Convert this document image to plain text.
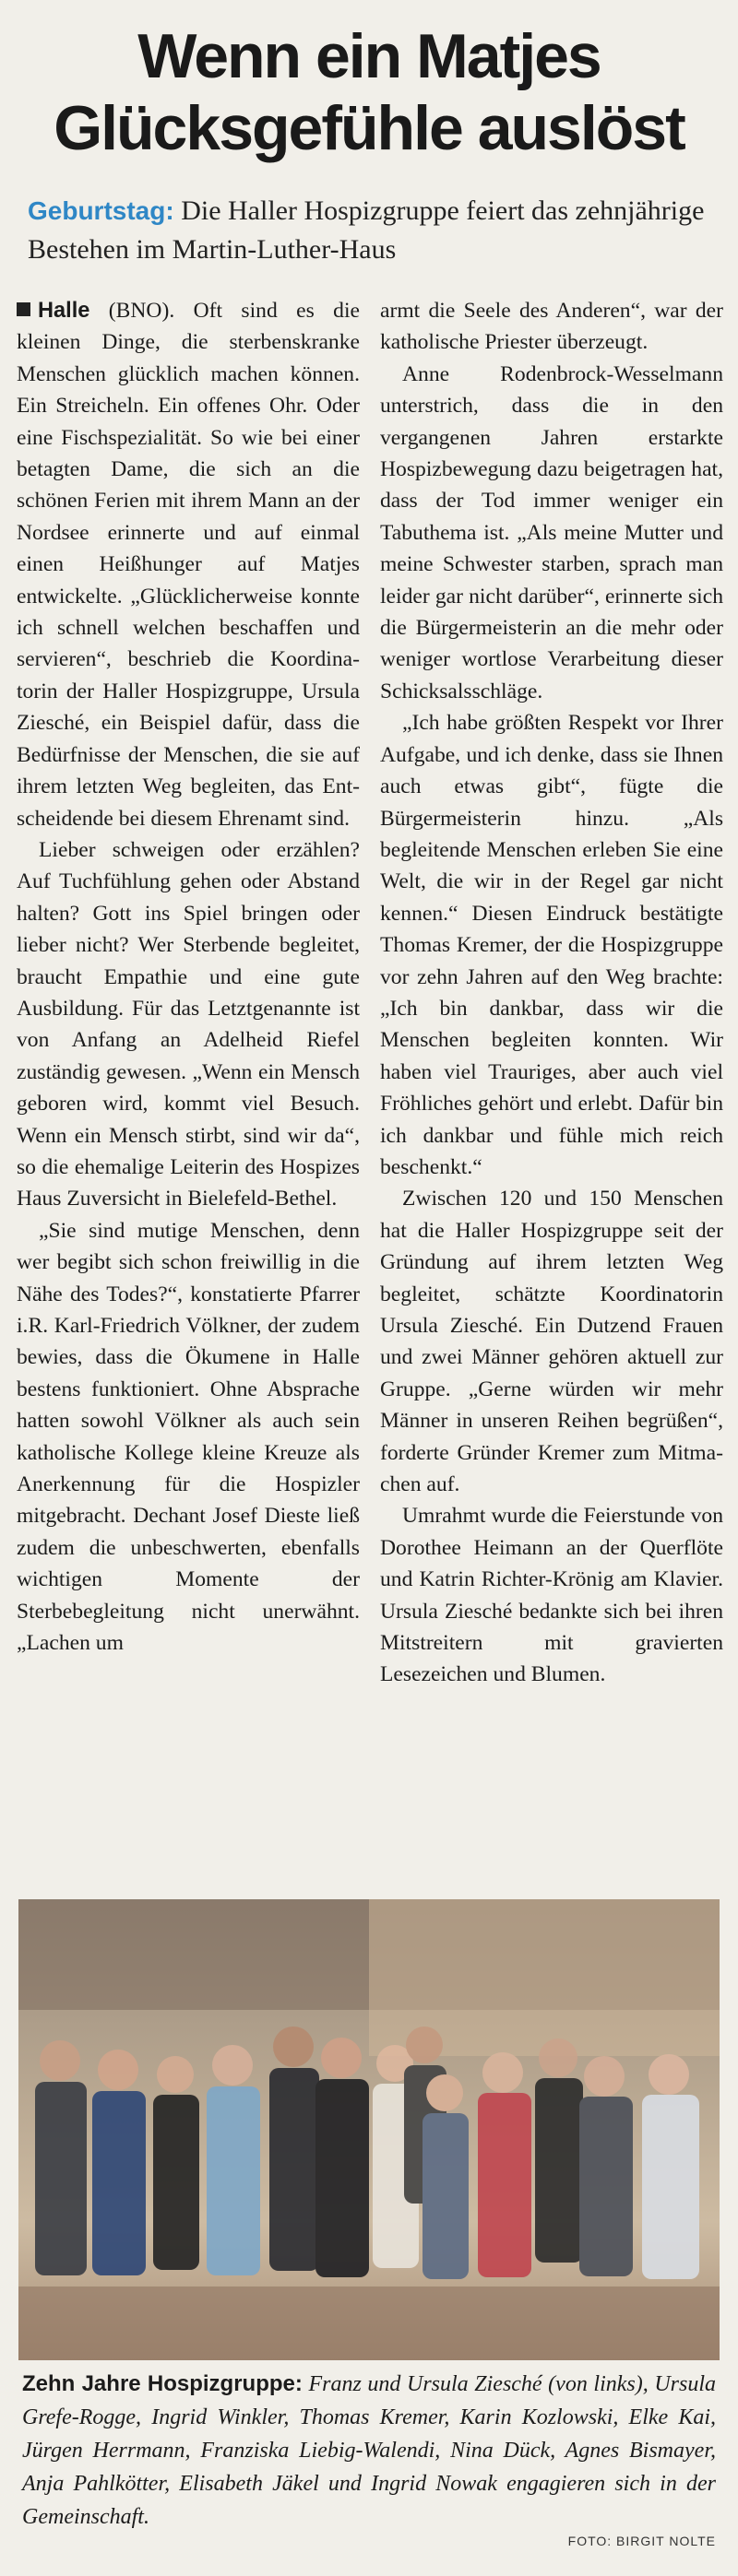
Wenn ein Matjes
Glücksgefühle auslöst
Geburtstag: Die Haller Hospizgruppe feiert das zehnjährige Bestehen im Martin-Luther-Haus

Halle (BNO). Oft sind es die kleinen Dinge, die sterbenskranke Menschen glücklich machen können. Ein Streicheln. Ein offenes Ohr. Oder eine Fischspezialität. So wie bei einer betagten Dame, die sich an die schönen Ferien mit ihrem Mann an der Nordsee erinnerte und auf einmal einen Heißhunger auf Matjes entwickelte. „Glücklicherweise konnte ich schnell welchen beschaffen und servieren“, beschrieb die Koordinatorin der Haller Hospizgruppe, Ursula Ziesché, ein Beispiel dafür, dass die Bedürfnisse der Menschen, die sie auf ihrem letzten Weg begleiten, das Entscheidende bei diesem Ehrenamt sind.

Lieber schweigen oder erzählen? Auf Tuchfühlung gehen oder Abstand halten? Gott ins Spiel bringen oder lieber nicht? Wer Sterbende begleitet, braucht Empathie und eine gute Ausbildung. Für das Letztgenannte ist von Anfang an Adelheid Riefel zuständig gewesen. „Wenn ein Mensch geboren wird, kommt viel Besuch. Wenn ein Mensch stirbt, sind wir da“, so die ehemalige Leiterin des Hospizes Haus Zuversicht in Bielefeld-Bethel.

„Sie sind mutige Menschen, denn wer begibt sich schon freiwillig in die Nähe des Todes?“, konstatierte Pfarrer i.R. Karl-Friedrich Völkner, der zudem bewies, dass die Ökumene in Halle bestens funktioniert. Ohne Absprache hatten sowohl Völkner als auch sein katholische Kollege kleine Kreuze als Anerkennung für die Hospizler mitgebracht. Dechant Josef Dieste ließ zudem die unbeschwerten, ebenfalls wichtigen Momente der Sterbebegleitung nicht unerwähnt. „Lachen um

armt die Seele des Anderen“, war der katholische Priester überzeugt.

Anne Rodenbrock-Wesselmann unterstrich, dass die in den vergangenen Jahren erstarkte Hospizbewegung dazu beigetragen hat, dass der Tod immer weniger ein Tabuthema ist. „Als meine Mutter und meine Schwester starben, sprach man leider gar nicht darüber“, erinnerte sich die Bürgermeisterin an die mehr oder weniger wortlose Verarbeitung dieser Schicksalsschläge.

„Ich habe größten Respekt vor Ihrer Aufgabe, und ich denke, dass sie Ihnen auch etwas gibt“, fügte die Bürgermeisterin hinzu. „Als begleitende Menschen erleben Sie eine Welt, die wir in der Regel gar nicht kennen.“ Diesen Eindruck bestätigte Thomas Kremer, der die Hospizgruppe vor zehn Jahren auf den Weg brachte: „Ich bin dankbar, dass wir die Menschen begleiten konnten. Wir haben viel Trauriges, aber auch viel Fröhliches gehört und erlebt. Dafür bin ich dankbar und fühle mich reich beschenkt.“

Zwischen 120 und 150 Menschen hat die Haller Hospizgruppe seit der Gründung auf ihrem letzten Weg begleitet, schätzte Koordinatorin Ursula Ziesché. Ein Dutzend Frauen und zwei Männer gehören aktuell zur Gruppe. „Gerne würden wir mehr Männer in unseren Reihen begrüßen“, forderte Gründer Kremer zum Mitmachen auf.

Umrahmt wurde die Feierstunde von Dorothee Heimann an der Querflöte und Katrin Richter-Krönig am Klavier. Ursula Ziesché bedankte sich bei ihren Mitstreitern mit gravierten Lesezeichen und Blumen.

Zehn Jahre Hospizgruppe: Franz und Ursula Ziesché (von links), Ursula Grefe-Rogge, Ingrid Winkler, Thomas Kremer, Karin Kozlowski, Elke Kai, Jürgen Herrmann, Franziska Liebig-Walendi, Nina Dück, Agnes Bismayer, Anja Pahlkötter, Elisabeth Jäkel und Ingrid Nowak engagieren sich in der Gemeinschaft.
FOTO: BIRGIT NOLTE
